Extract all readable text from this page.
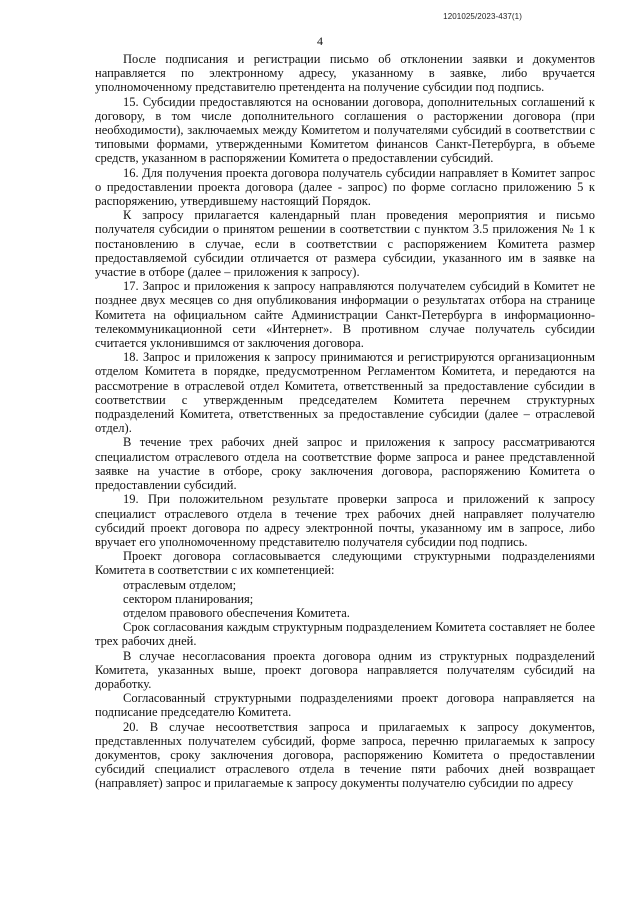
1201025/2023-437(1)
4

После подписания и регистрации письмо об отклонении заявки и документов направляется по электронному адресу, указанному в заявке, либо вручается уполномоченному представителю претендента на получение субсидии под подпись.

15. Субсидии предоставляются на основании договора, дополнительных соглашений к договору, в том числе дополнительного соглашения о расторжении договора (при необходимости), заключаемых между Комитетом и получателями субсидий в соответствии с типовыми формами, утвержденными Комитетом финансов Санкт-Петербурга, в объеме средств, указанном в распоряжении Комитета о предоставлении субсидий.

16. Для получения проекта договора получатель субсидии направляет в Комитет запрос о предоставлении проекта договора (далее - запрос) по форме согласно приложению 5 к распоряжению, утвердившему настоящий Порядок.

К запросу прилагается календарный план проведения мероприятия и письмо получателя субсидии о принятом решении в соответствии с пунктом 3.5 приложения № 1 к постановлению в случае, если в соответствии с распоряжением Комитета размер предоставляемой субсидии отличается от размера субсидии, указанного им в заявке на участие в отборе (далее – приложения к запросу).

17. Запрос и приложения к запросу направляются получателем субсидий в Комитет не позднее двух месяцев со дня опубликования информации о результатах отбора на странице Комитета на официальном сайте Администрации Санкт-Петербурга в информационно-телекоммуникационной сети «Интернет». В противном случае получатель субсидии считается уклонившимся от заключения договора.

18. Запрос и приложения к запросу принимаются и регистрируются организационным отделом Комитета в порядке, предусмотренном Регламентом Комитета, и передаются на рассмотрение в отраслевой отдел Комитета, ответственный за предоставление субсидии в соответствии с утвержденным председателем Комитета перечнем структурных подразделений Комитета, ответственных за предоставление субсидии (далее – отраслевой отдел).

В течение трех рабочих дней запрос и приложения к запросу рассматриваются специалистом отраслевого отдела на соответствие форме запроса и ранее представленной заявке на участие в отборе, сроку заключения договора, распоряжению Комитета о предоставлении субсидий.

19. При положительном результате проверки запроса и приложений к запросу специалист отраслевого отдела в течение трех рабочих дней направляет получателю субсидий проект договора по адресу электронной почты, указанному им в запросе, либо вручает его уполномоченному представителю получателя субсидии под подпись.

Проект договора согласовывается следующими структурными подразделениями Комитета в соответствии с их компетенцией:

отраслевым отделом;

сектором планирования;

отделом правового обеспечения Комитета.

Срок согласования каждым структурным подразделением Комитета составляет не более трех рабочих дней.

В случае несогласования проекта договора одним из структурных подразделений Комитета, указанных выше, проект договора направляется получателям субсидий на доработку.

Согласованный структурными подразделениями проект договора направляется на подписание председателю Комитета.

20. В случае несоответствия запроса и прилагаемых к запросу документов, представленных получателем субсидий, форме запроса, перечню прилагаемых к запросу документов, сроку заключения договора, распоряжению Комитета о предоставлении субсидий специалист отраслевого отдела в течение пяти рабочих дней возвращает (направляет) запрос и прилагаемые к запросу документы получателю субсидии по адресу
